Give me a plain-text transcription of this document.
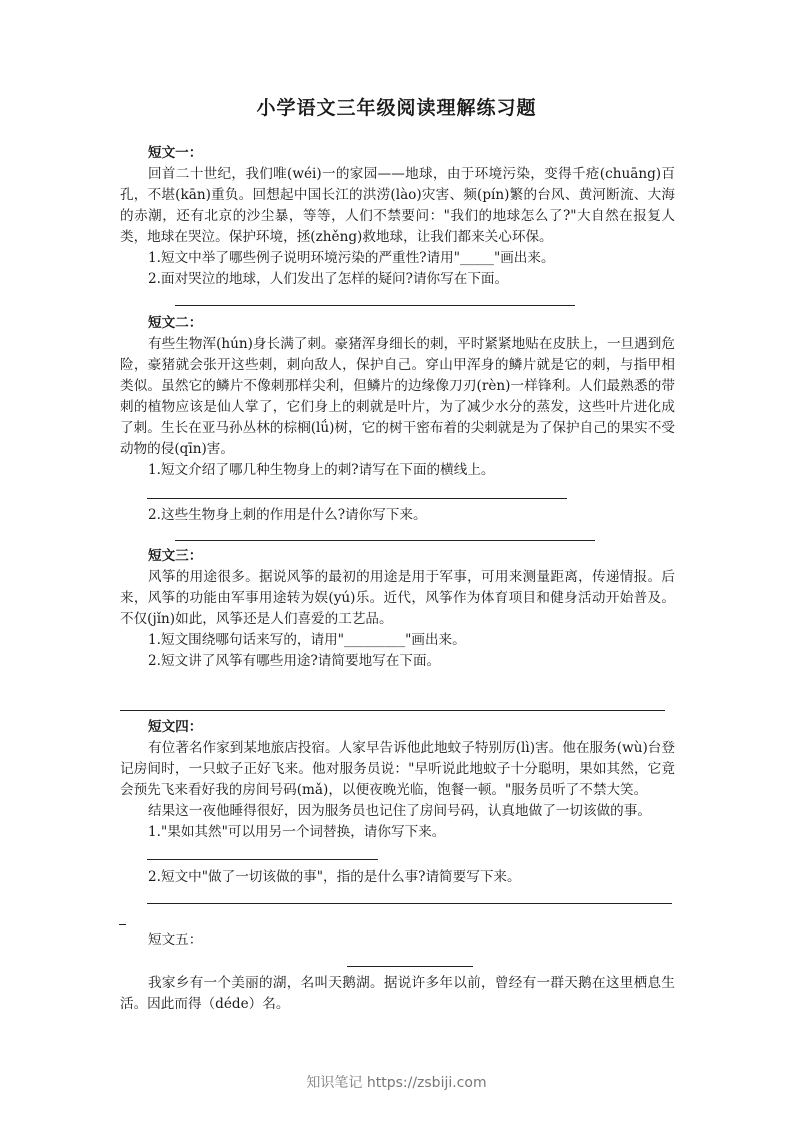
小学语文三年级阅读理解练习题
短文一：
回首二十世纪，我们唯(wéi)一的家园——地球，由于环境污染，变得千疮(chuāng)百孔，不堪(kān)重负。回想起中国长江的洪涝(lào)灾害、频(pín)繁的台风、黄河断流、大海的赤潮，还有北京的沙尘暴，等等，人们不禁要问："我们的地球怎么了?"大自然在报复人类，地球在哭泣。保护环境，拯(zhěng)救地球，让我们都来关心环保。
1.短文中举了哪些例子说明环境污染的严重性?请用"_____"画出来。
2.面对哭泣的地球，人们发出了怎样的疑问?请你写在下面。
短文二：
有些生物浑(hún)身长满了刺。豪猪浑身细长的刺，平时紧紧地贴在皮肤上，一旦遇到危险，豪猪就会张开这些刺，刺向敌人，保护自己。穿山甲浑身的鳞片就是它的刺，与指甲相类似。虽然它的鳞片不像刺那样尖利，但鳞片的边缘像刀刃(rèn)一样锋利。人们最熟悉的带刺的植物应该是仙人掌了，它们身上的刺就是叶片，为了减少水分的蒸发，这些叶片进化成了刺。生长在亚马孙丛林的棕榈(lǘ)树，它的树干密布着的尖刺就是为了保护自己的果实不受动物的侵(qīn)害。
1.短文介绍了哪几种生物身上的刺?请写在下面的横线上。
2.这些生物身上刺的作用是什么?请你写下来。
短文三：
风筝的用途很多。据说风筝的最初的用途是用于军事，可用来测量距离，传递情报。后来，风筝的功能由军事用途转为娱(yú)乐。近代，风筝作为体育项目和健身活动开始普及。不仅(jǐn)如此，风筝还是人们喜爱的工艺品。
1.短文围绕哪句话来写的，请用"_________"画出来。
2.短文讲了风筝有哪些用途?请简要地写在下面。
短文四：
有位著名作家到某地旅店投宿。人家早告诉他此地蚊子特别厉(lì)害。他在服务(wù)台登记房间时，一只蚊子正好飞来。他对服务员说："早听说此地蚊子十分聪明，果如其然，它竟会预先飞来看好我的房间号码(mǎ)，以便夜晚光临，饱餐一顿。"服务员听了不禁大笑。
结果这一夜他睡得很好，因为服务员也记住了房间号码，认真地做了一切该做的事。
1."果如其然"可以用另一个词替换，请你写下来。
2.短文中"做了一切该做的事"，指的是什么事?请简要写下来。
短文五：
我家乡有一个美丽的湖，名叫天鹅湖。据说许多年以前，曾经有一群天鹅在这里栖息生活。因此而得（déde）名。
知识笔记 https://zsbiji.com
